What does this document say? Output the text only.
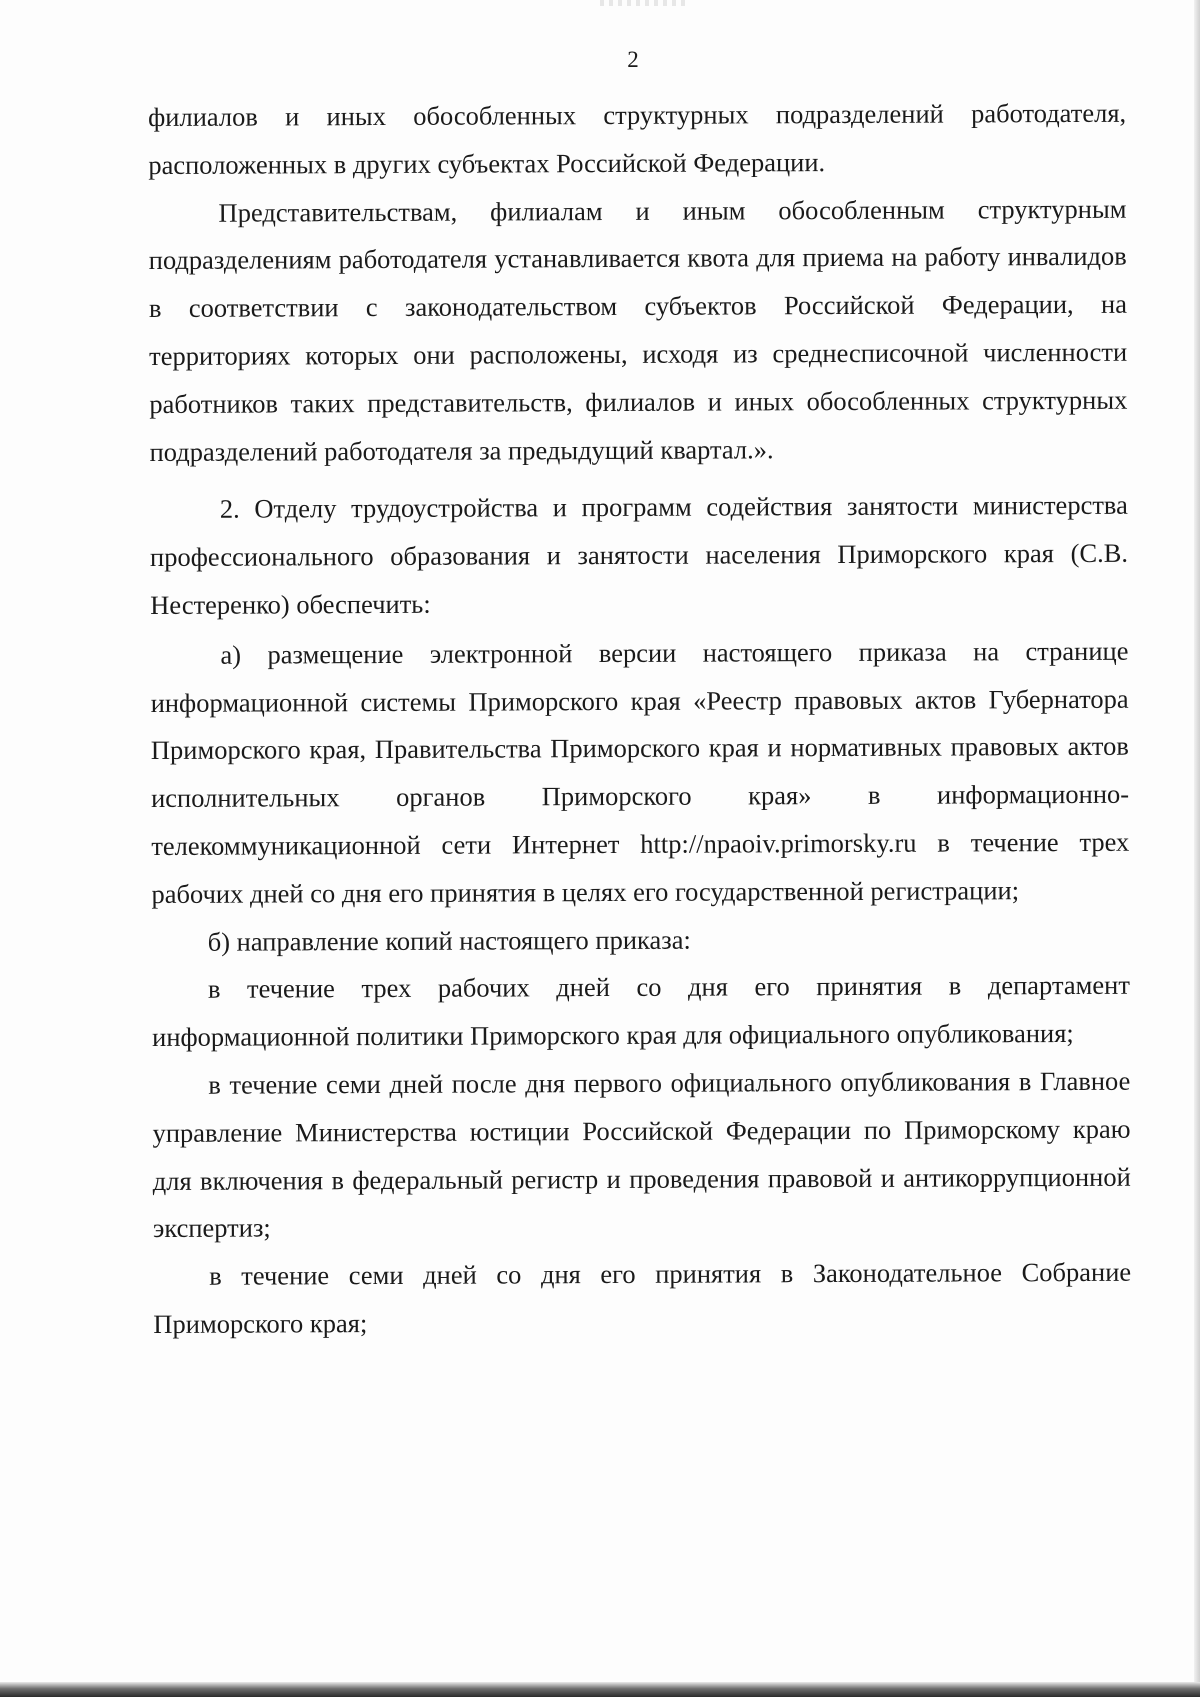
2

филиалов и иных обособленных структурных подразделений работодателя, расположенных в других субъектах Российской Федерации.

Представительствам, филиалам и иным обособленным структурным подразделениям работодателя устанавливается квота для приема на работу инвалидов в соответствии с законодательством субъектов Российской Федерации, на территориях которых они расположены, исходя из среднесписочной численности работников таких представительств, филиалов и иных обособленных структурных подразделений работодателя за предыдущий квартал.».

2. Отделу трудоустройства и программ содействия занятости министерства профессионального образования и занятости населения Приморского края (С.В. Нестеренко) обеспечить:

а) размещение электронной версии настоящего приказа на странице информационной системы Приморского края «Реестр правовых актов Губернатора Приморского края, Правительства Приморского края и нормативных правовых актов исполнительных органов Приморского края» в информационно-телекоммуникационной сети Интернет http://npaoiv.primorsky.ru в течение трех рабочих дней со дня его принятия в целях его государственной регистрации;

б) направление копий настоящего приказа:

в течение трех рабочих дней со дня его принятия в департамент информационной политики Приморского края для официального опубликования;

в течение семи дней после дня первого официального опубликования в Главное управление Министерства юстиции Российской Федерации по Приморскому краю для включения в федеральный регистр и проведения правовой и антикоррупционной экспертиз;

в течение семи дней со дня его принятия в Законодательное Собрание Приморского края;
